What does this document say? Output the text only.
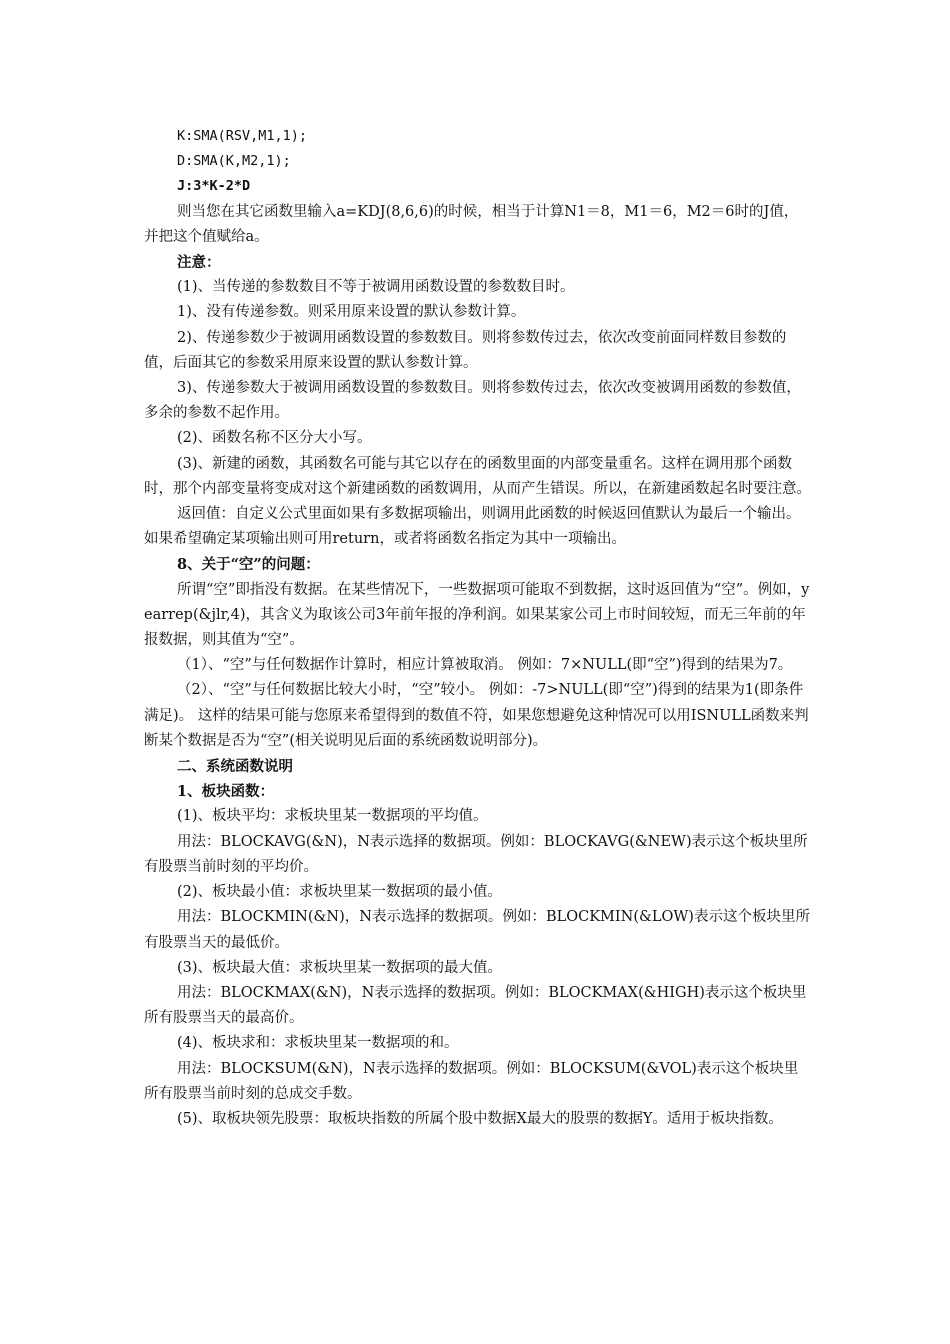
K:SMA(RSV,M1,1);

D:SMA(K,M2,1);

J:3*K-2*D

则当您在其它函数里输入a=KDJ(8,6,6)的时候，相当于计算N1＝8，M1＝6，M2＝6时的J值，并把这个值赋给a。

注意：

(1)、当传递的参数数目不等于被调用函数设置的参数数目时。

1)、没有传递参数。则采用原来设置的默认参数计算。

2)、传递参数少于被调用函数设置的参数数目。则将参数传过去，依次改变前面同样数目参数的值，后面其它的参数采用原来设置的默认参数计算。

3)、传递参数大于被调用函数设置的参数数目。则将参数传过去，依次改变被调用函数的参数值，多余的参数不起作用。

(2)、函数名称不区分大小写。

(3)、新建的函数，其函数名可能与其它以存在的函数里面的内部变量重名。这样在调用那个函数时，那个内部变量将变成对这个新建函数的函数调用，从而产生错误。所以，在新建函数起名时要注意。

返回值：自定义公式里面如果有多数据项输出，则调用此函数的时候返回值默认为最后一个输出。如果希望确定某项输出则可用return，或者将函数名指定为其中一项输出。

8、关于“空”的问题：

所谓“空”即指没有数据。在某些情况下，一些数据项可能取不到数据，这时返回值为“空”。例如，yearrep(&jlr,4)，其含义为取该公司3年前年报的净利润。如果某家公司上市时间较短，而无三年前的年报数据，则其值为“空”。

（1）、“空”与任何数据作计算时，相应计算被取消。 例如：7×NULL(即“空”)得到的结果为7。

（2）、“空”与任何数据比较大小时，“空”较小。 例如：-7>NULL(即“空”)得到的结果为1(即条件满足)。 这样的结果可能与您原来希望得到的数值不符，如果您想避免这种情况可以用ISNULL函数来判断某个数据是否为“空”(相关说明见后面的系统函数说明部分)。

二、系统函数说明

1、板块函数：

(1)、板块平均：求板块里某一数据项的平均值。

用法：BLOCKAVG(&N)，N表示选择的数据项。例如：BLOCKAVG(&NEW)表示这个板块里所有股票当前时刻的平均价。

(2)、板块最小值：求板块里某一数据项的最小值。

用法：BLOCKMIN(&N)，N表示选择的数据项。例如：BLOCKMIN(&LOW)表示这个板块里所有股票当天的最低价。

(3)、板块最大值：求板块里某一数据项的最大值。

用法：BLOCKMAX(&N)，N表示选择的数据项。例如：BLOCKMAX(&HIGH)表示这个板块里所有股票当天的最高价。

(4)、板块求和：求板块里某一数据项的和。

用法：BLOCKSUM(&N)，N表示选择的数据项。例如：BLOCKSUM(&VOL)表示这个板块里所有股票当前时刻的总成交手数。

(5)、取板块领先股票：取板块指数的所属个股中数据X最大的股票的数据Y。适用于板块指数。
